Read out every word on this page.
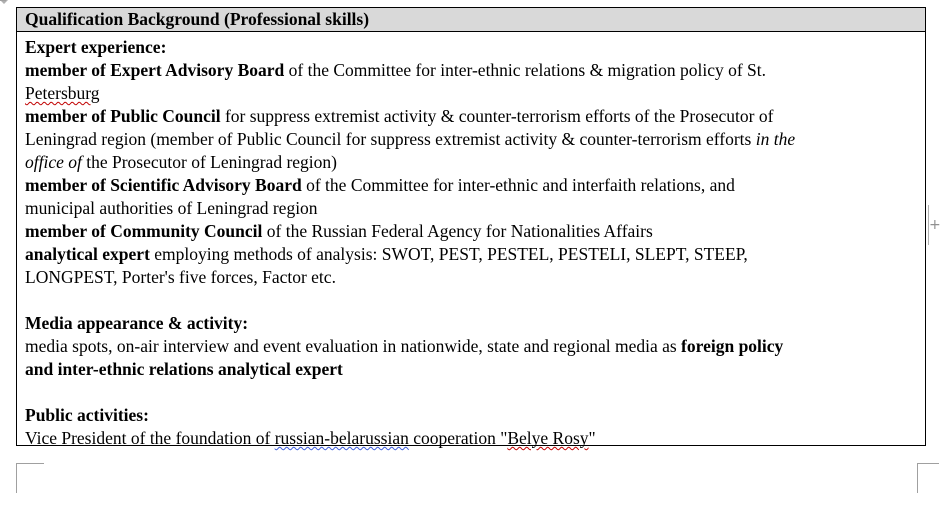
Qualification Background (Professional skills)
Expert experience:
member of Expert Advisory Board of the Committee for inter-ethnic relations & migration policy of St.
Petersburg
member of Public Council for suppress extremist activity & counter-terrorism efforts of the Prosecutor of
Leningrad region (member of Public Council for suppress extremist activity & counter-terrorism efforts in the
office of the Prosecutor of Leningrad region)
member of Scientific Advisory Board of the Committee for inter-ethnic and interfaith relations, and
municipal authorities of Leningrad region
member of Community Council of the Russian Federal Agency for Nationalities Affairs
analytical expert employing methods of analysis: SWOT, PEST, PESTEL, PESTELI, SLEPT, STEEP,
LONGPEST, Porter's five forces, Factor etc.
Media appearance & activity:
media spots, on-air interview and event evaluation in nationwide, state and regional media as foreign policy
and inter-ethnic relations analytical expert
Public activities:
Vice President of the foundation of russian-belarussian cooperation "Belye Rosy"
+
